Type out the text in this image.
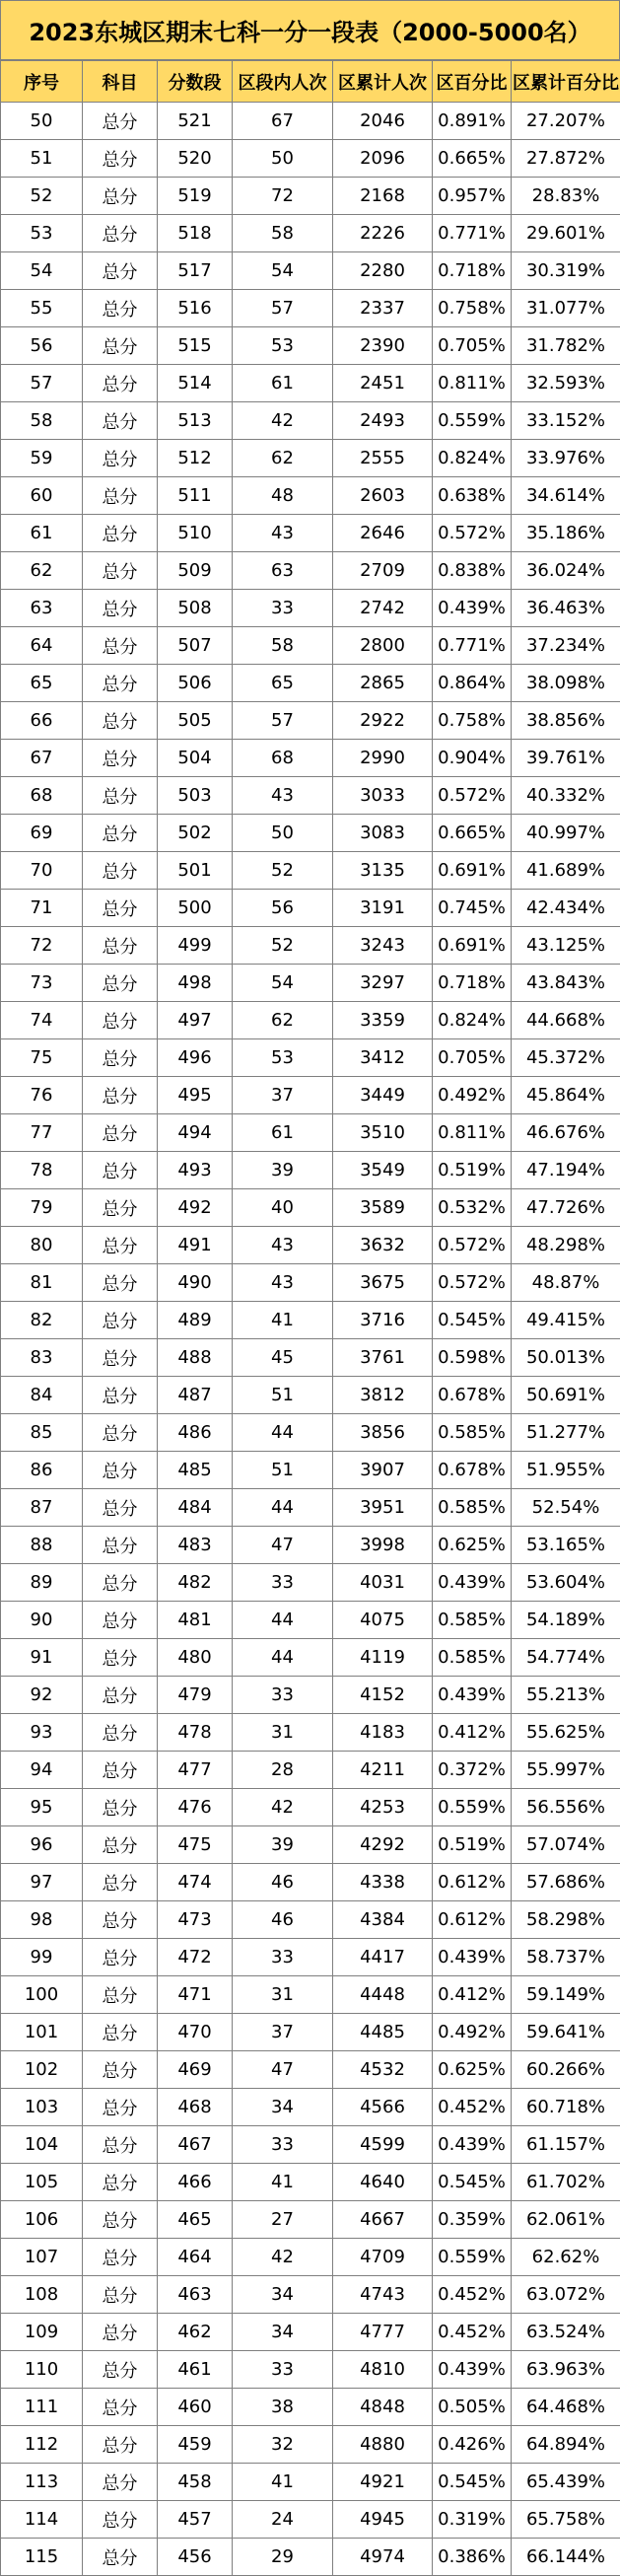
2023东城区期末七科一分一段表（2000-5000名）
序号	科目	分数段	区段内人次	区累计人次	区百分比	区累计百分比
50	总分	521	67	2046	0.891%	27.207%
51	总分	520	50	2096	0.665%	27.872%
52	总分	519	72	2168	0.957%	28.83%
53	总分	518	58	2226	0.771%	29.601%
54	总分	517	54	2280	0.718%	30.319%
55	总分	516	57	2337	0.758%	31.077%
56	总分	515	53	2390	0.705%	31.782%
57	总分	514	61	2451	0.811%	32.593%
58	总分	513	42	2493	0.559%	33.152%
59	总分	512	62	2555	0.824%	33.976%
60	总分	511	48	2603	0.638%	34.614%
61	总分	510	43	2646	0.572%	35.186%
62	总分	509	63	2709	0.838%	36.024%
63	总分	508	33	2742	0.439%	36.463%
64	总分	507	58	2800	0.771%	37.234%
65	总分	506	65	2865	0.864%	38.098%
66	总分	505	57	2922	0.758%	38.856%
67	总分	504	68	2990	0.904%	39.761%
68	总分	503	43	3033	0.572%	40.332%
69	总分	502	50	3083	0.665%	40.997%
70	总分	501	52	3135	0.691%	41.689%
71	总分	500	56	3191	0.745%	42.434%
72	总分	499	52	3243	0.691%	43.125%
73	总分	498	54	3297	0.718%	43.843%
74	总分	497	62	3359	0.824%	44.668%
75	总分	496	53	3412	0.705%	45.372%
76	总分	495	37	3449	0.492%	45.864%
77	总分	494	61	3510	0.811%	46.676%
78	总分	493	39	3549	0.519%	47.194%
79	总分	492	40	3589	0.532%	47.726%
80	总分	491	43	3632	0.572%	48.298%
81	总分	490	43	3675	0.572%	48.87%
82	总分	489	41	3716	0.545%	49.415%
83	总分	488	45	3761	0.598%	50.013%
84	总分	487	51	3812	0.678%	50.691%
85	总分	486	44	3856	0.585%	51.277%
86	总分	485	51	3907	0.678%	51.955%
87	总分	484	44	3951	0.585%	52.54%
88	总分	483	47	3998	0.625%	53.165%
89	总分	482	33	4031	0.439%	53.604%
90	总分	481	44	4075	0.585%	54.189%
91	总分	480	44	4119	0.585%	54.774%
92	总分	479	33	4152	0.439%	55.213%
93	总分	478	31	4183	0.412%	55.625%
94	总分	477	28	4211	0.372%	55.997%
95	总分	476	42	4253	0.559%	56.556%
96	总分	475	39	4292	0.519%	57.074%
97	总分	474	46	4338	0.612%	57.686%
98	总分	473	46	4384	0.612%	58.298%
99	总分	472	33	4417	0.439%	58.737%
100	总分	471	31	4448	0.412%	59.149%
101	总分	470	37	4485	0.492%	59.641%
102	总分	469	47	4532	0.625%	60.266%
103	总分	468	34	4566	0.452%	60.718%
104	总分	467	33	4599	0.439%	61.157%
105	总分	466	41	4640	0.545%	61.702%
106	总分	465	27	4667	0.359%	62.061%
107	总分	464	42	4709	0.559%	62.62%
108	总分	463	34	4743	0.452%	63.072%
109	总分	462	34	4777	0.452%	63.524%
110	总分	461	33	4810	0.439%	63.963%
111	总分	460	38	4848	0.505%	64.468%
112	总分	459	32	4880	0.426%	64.894%
113	总分	458	41	4921	0.545%	65.439%
114	总分	457	24	4945	0.319%	65.758%
115	总分	456	29	4974	0.386%	66.144%
